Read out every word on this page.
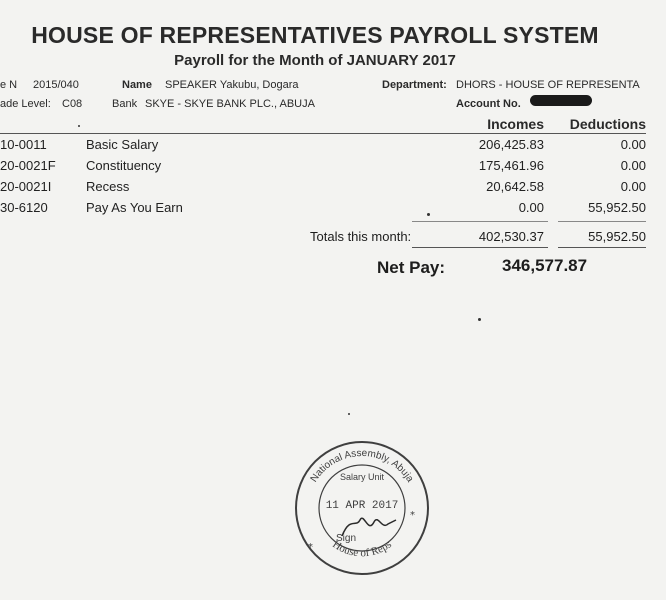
HOUSE OF REPRESENTATIVES PAYROLL SYSTEM
Payroll for the Month of JANUARY 2017
e N 2015/040	Name SPEAKER Yakubu, Dogara	Department: DHORS - HOUSE OF REPRESENTA
ade Level: C08	Bank SKYE - SKYE BANK PLC., ABUJA	Account No.
Incomes Deductions
10-0011	Basic Salary	206,425.83	0.00
20-0021F Constituency	175,461.96	0.00
20-0021I	Recess	20,642.58	0.00
30-6120	Pay As You Earn	0.00	55,952.50
Totals this month:	402,530.37	55,952.50
Net Pay:	346,577.87
National Assembly, Abuja
Salary Unit
11 APR 2017
Sign
*
*
House of Reps
